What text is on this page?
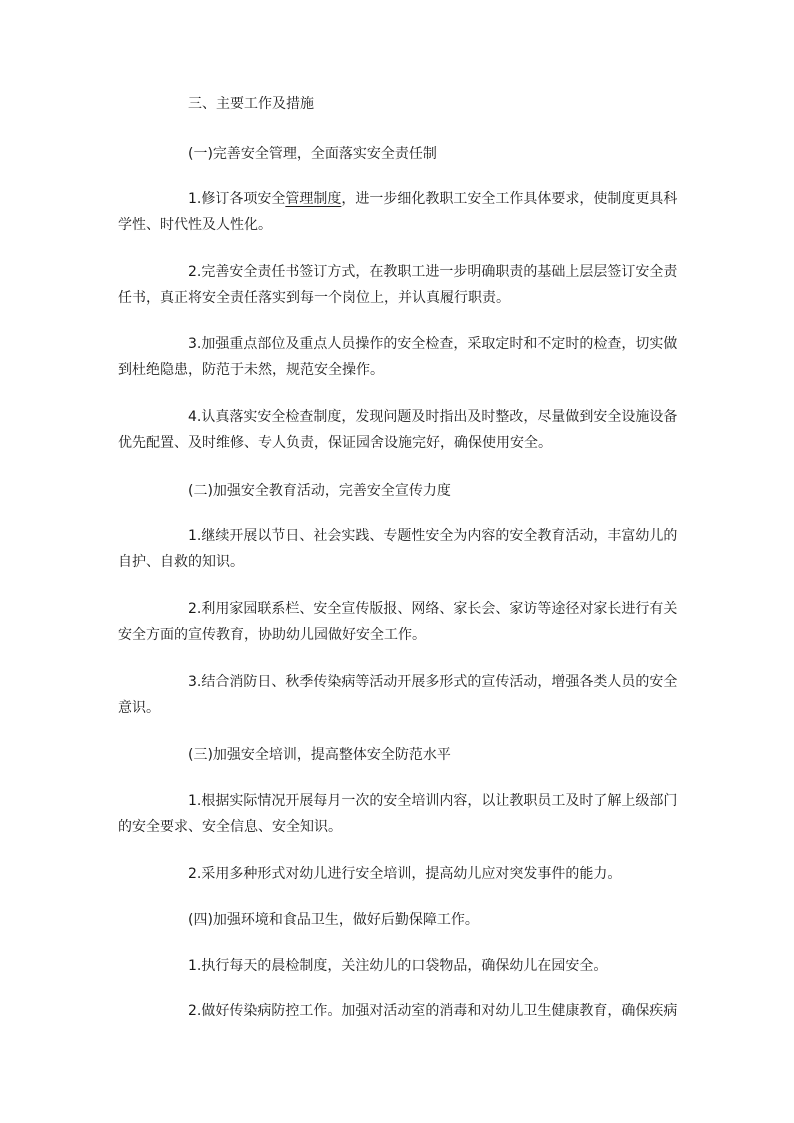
三、主要工作及措施

(一)完善安全管理，全面落实安全责任制

1.修订各项安全管理制度，进一步细化教职工安全工作具体要求，使制度更具科学性、时代性及人性化。

2.完善安全责任书签订方式，在教职工进一步明确职责的基础上层层签订安全责任书，真正将安全责任落实到每一个岗位上，并认真履行职责。

3.加强重点部位及重点人员操作的安全检查，采取定时和不定时的检查，切实做到杜绝隐患，防范于未然，规范安全操作。

4.认真落实安全检查制度，发现问题及时指出及时整改，尽量做到安全设施设备优先配置、及时维修、专人负责，保证园舍设施完好，确保使用安全。

(二)加强安全教育活动，完善安全宣传力度

1.继续开展以节日、社会实践、专题性安全为内容的安全教育活动，丰富幼儿的自护、自救的知识。

2.利用家园联系栏、安全宣传版报、网络、家长会、家访等途径对家长进行有关安全方面的宣传教育，协助幼儿园做好安全工作。

3.结合消防日、秋季传染病等活动开展多形式的宣传活动，增强各类人员的安全意识。

(三)加强安全培训，提高整体安全防范水平

1.根据实际情况开展每月一次的安全培训内容，以让教职员工及时了解上级部门的安全要求、安全信息、安全知识。

2.采用多种形式对幼儿进行安全培训，提高幼儿应对突发事件的能力。

(四)加强环境和食品卫生，做好后勤保障工作。

1.执行每天的晨检制度，关注幼儿的口袋物品，确保幼儿在园安全。

2.做好传染病防控工作。加强对活动室的消毒和对幼儿卫生健康教育，确保疾病
